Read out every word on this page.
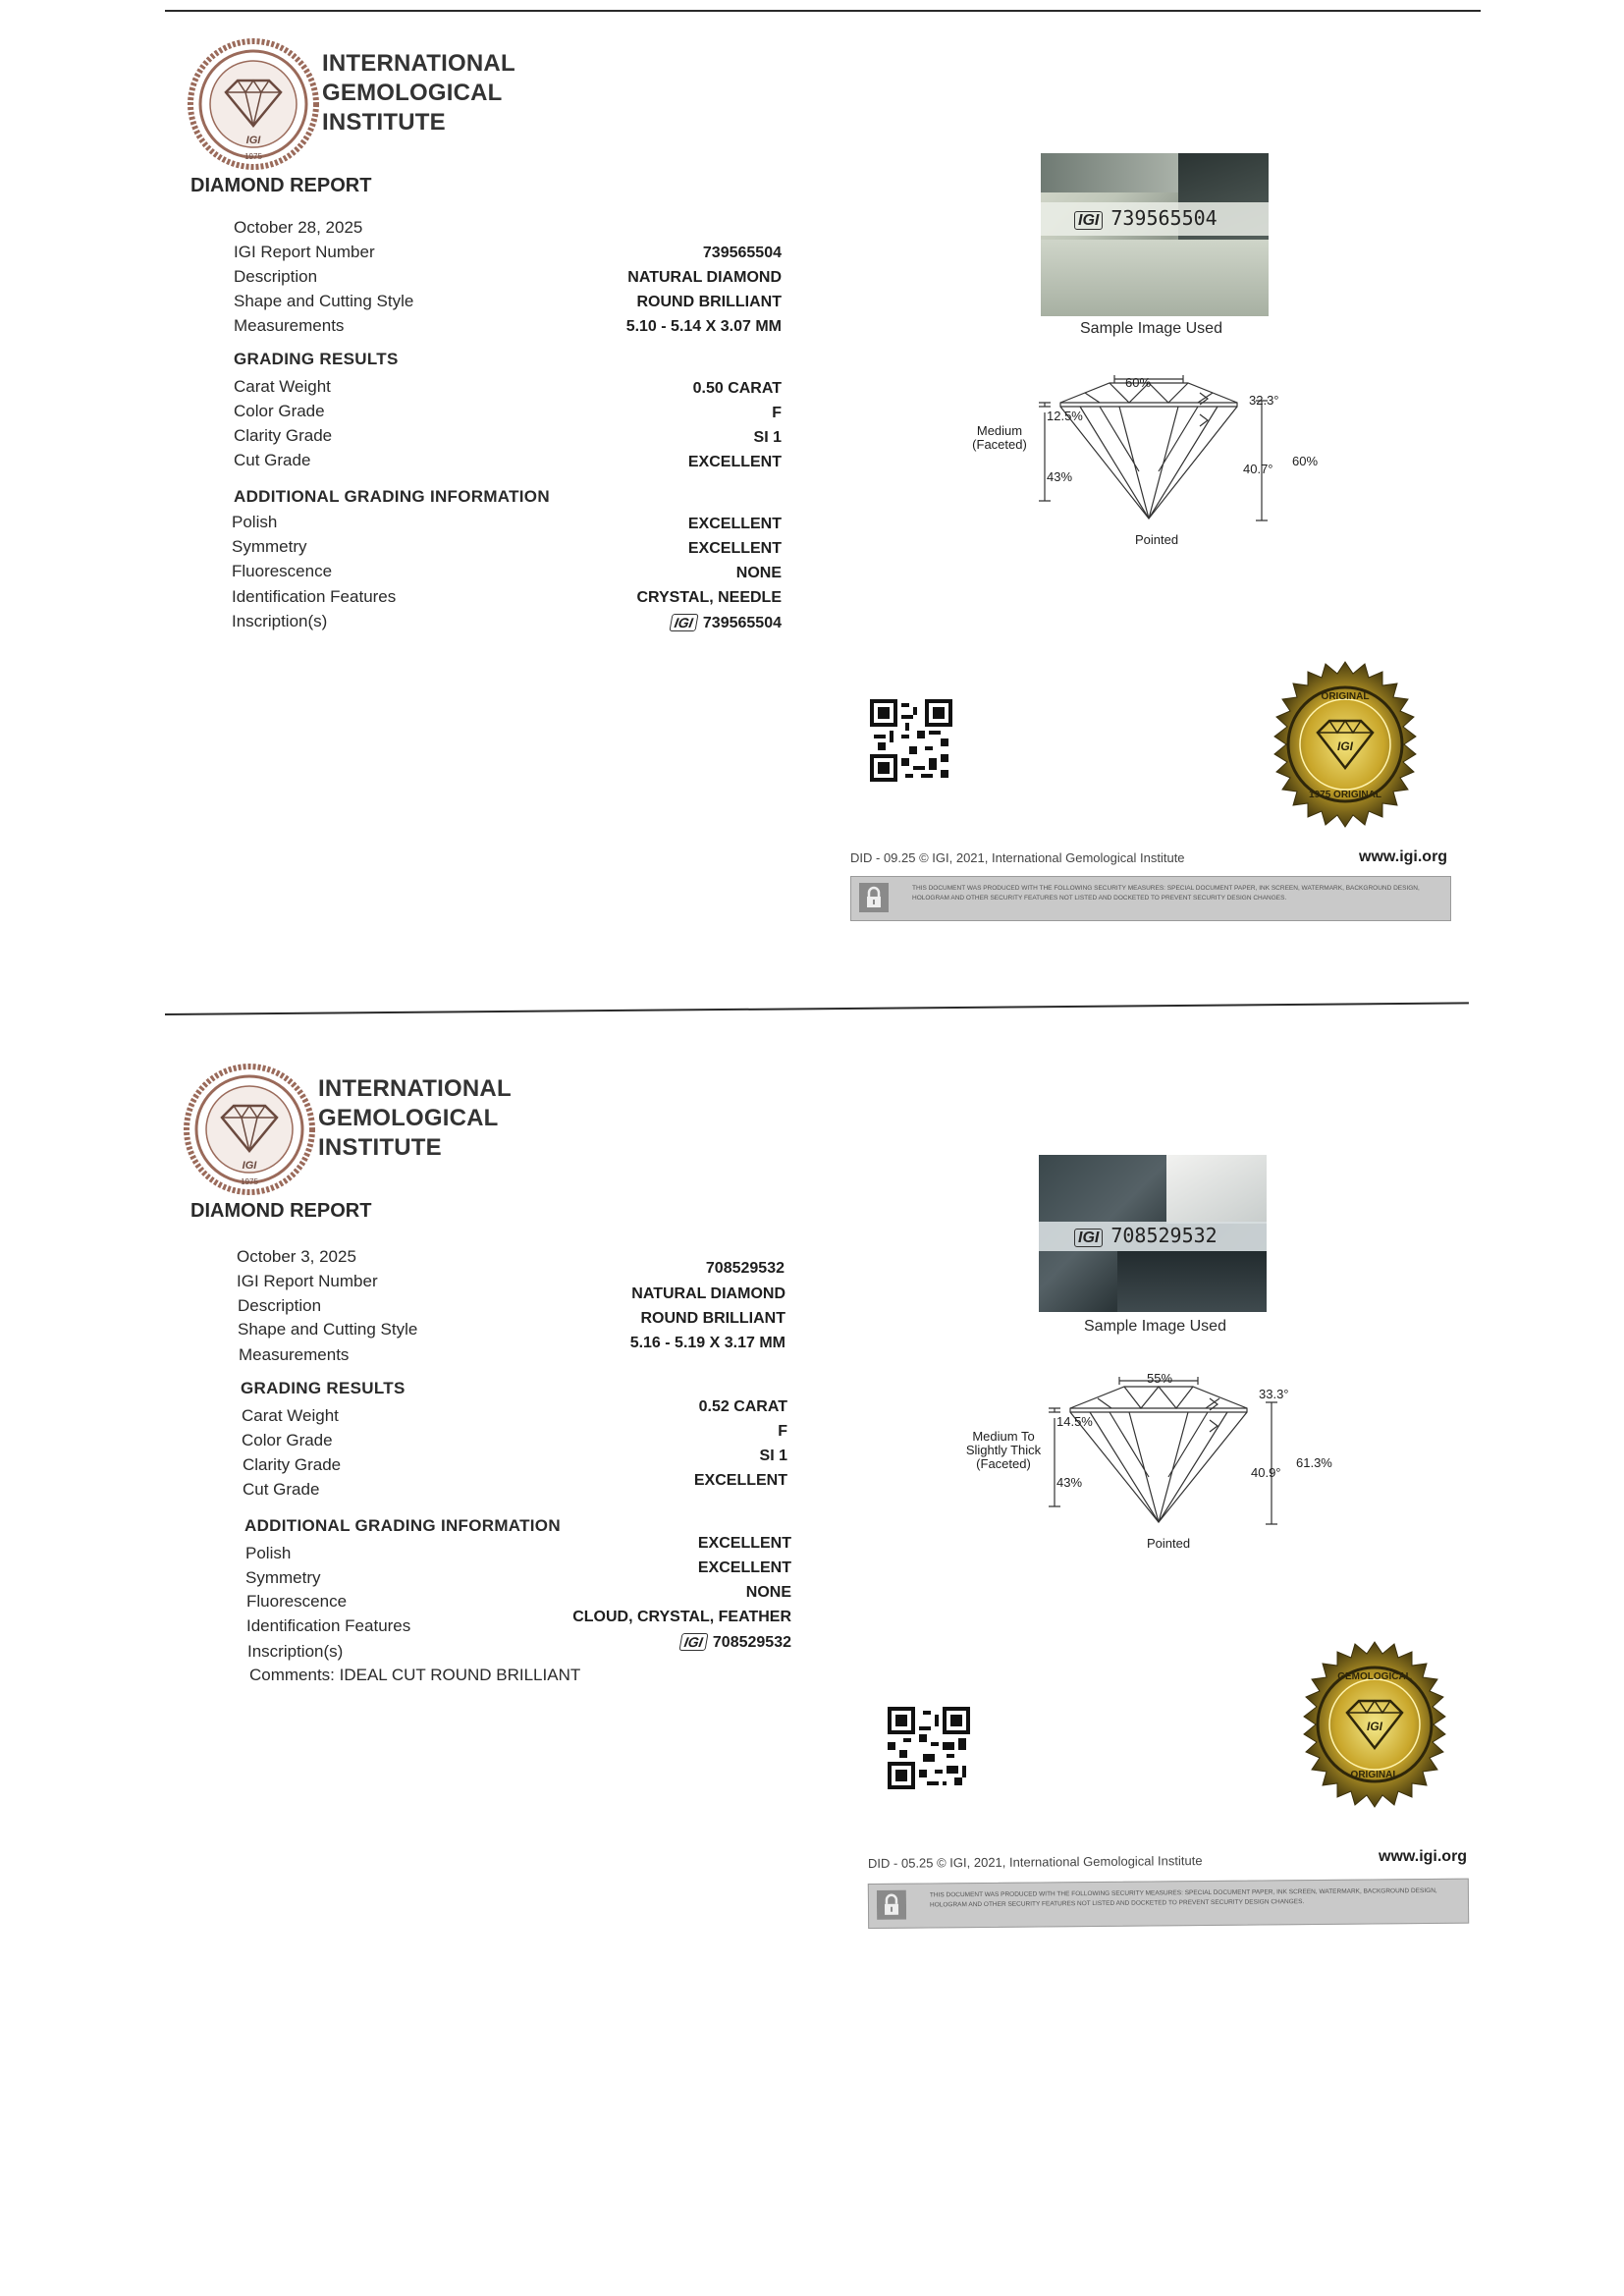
IGI
1975
INTERNATIONAL
GEMOLOGICAL
INSTITUTE
DIAMOND REPORT
October 28, 2025
IGI Report Number
Description
Shape and Cutting Style
Measurements
GRADING RESULTS
Carat Weight
Color Grade
Clarity Grade
Cut Grade
ADDITIONAL GRADING INFORMATION
Polish
Symmetry
Fluorescence
Identification Features
Inscription(s)
739565504
NATURAL DIAMOND
ROUND BRILLIANT
5.10 - 5.14 X 3.07 MM
0.50 CARAT
F
SI 1
EXCELLENT
EXCELLENT
EXCELLENT
NONE
CRYSTAL, NEEDLE
IGI 739565504
IGI 739565504
Sample Image Used
60%
32.3°
12.5%
Medium
(Faceted)
43%
40.7°
60%
Pointed
ORIGINAL
1975 ORIGINAL
IGI
DID - 09.25 © IGI, 2021, International Gemological Institute	www.igi.org
THIS DOCUMENT WAS PRODUCED WITH THE FOLLOWING SECURITY MEASURES: SPECIAL DOCUMENT PAPER, INK SCREEN, WATERMARK, BACKGROUND DESIGN, HOLOGRAM AND OTHER SECURITY FEATURES NOT LISTED AND DOCKETED TO PREVENT SECURITY DESIGN CHANGES.
IGI
1975
INTERNATIONAL
GEMOLOGICAL
INSTITUTE
DIAMOND REPORT
October 3, 2025
IGI Report Number
Description
Shape and Cutting Style
Measurements
GRADING RESULTS
Carat Weight
Color Grade
Clarity Grade
Cut Grade
ADDITIONAL GRADING INFORMATION
Polish
Symmetry
Fluorescence
Identification Features
Inscription(s)
Comments: IDEAL CUT ROUND BRILLIANT
708529532
NATURAL DIAMOND
ROUND BRILLIANT
5.16 - 5.19 X 3.17 MM
0.52 CARAT
F
SI 1
EXCELLENT
EXCELLENT
EXCELLENT
NONE
CLOUD, CRYSTAL, FEATHER
IGI 708529532
IGI 708529532
Sample Image Used
55%
33.3°
14.5%
Medium To
Slightly Thick
(Faceted)
43%
40.9°
61.3%
Pointed
GEMOLOGICAL
ORIGINAL
IGI
DID - 05.25 © IGI, 2021, International Gemological Institute	www.igi.org
THIS DOCUMENT WAS PRODUCED WITH THE FOLLOWING SECURITY MEASURES: SPECIAL DOCUMENT PAPER, INK SCREEN, WATERMARK, BACKGROUND DESIGN, HOLOGRAM AND OTHER SECURITY FEATURES NOT LISTED AND DOCKETED TO PREVENT SECURITY DESIGN CHANGES.
